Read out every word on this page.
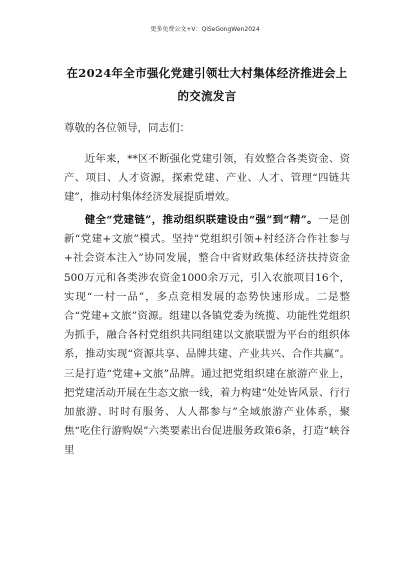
更多免费公文+V：QiSeGongWen2024
在2024年全市强化党建引领壮大村集体经济推进会上的交流发言
尊敬的各位领导，同志们：
近年来，**区不断强化党建引领，有效整合各类资金、资产、项目、人才资源，探索党建、产业、人才、管理“四链共建”，推动村集体经济发展提质增效。
健全“党建链”，推动组织联建设由“强”到“精”。一是创新“党建+文旅”模式。坚持“党组织引领+村经济合作社参与+社会资本注入”协同发展，整合中省财政集体经济扶持资金500万元和各类涉农资金1000余万元，引入农旅项目16个，实现“一村一品”，多点竞相发展的态势快速形成。二是整合“党建+文旅”资源。组建以各镇党委为统揽、功能性党组织为抓手，融合各村党组织共同组建以文旅联盟为平台的组织体系，推动实现“资源共享、品牌共建、产业共兴、合作共赢”。三是打造“党建+文旅”品牌。通过把党组织建在旅游产业上，把党建活动开展在生态文旅一线，着力构建“处处皆风景、行行加旅游、时时有服务、人人都参与”全域旅游产业体系，聚焦“吃住行游购娱”六类要素出台促进服务政策6条，打造“峡谷里
